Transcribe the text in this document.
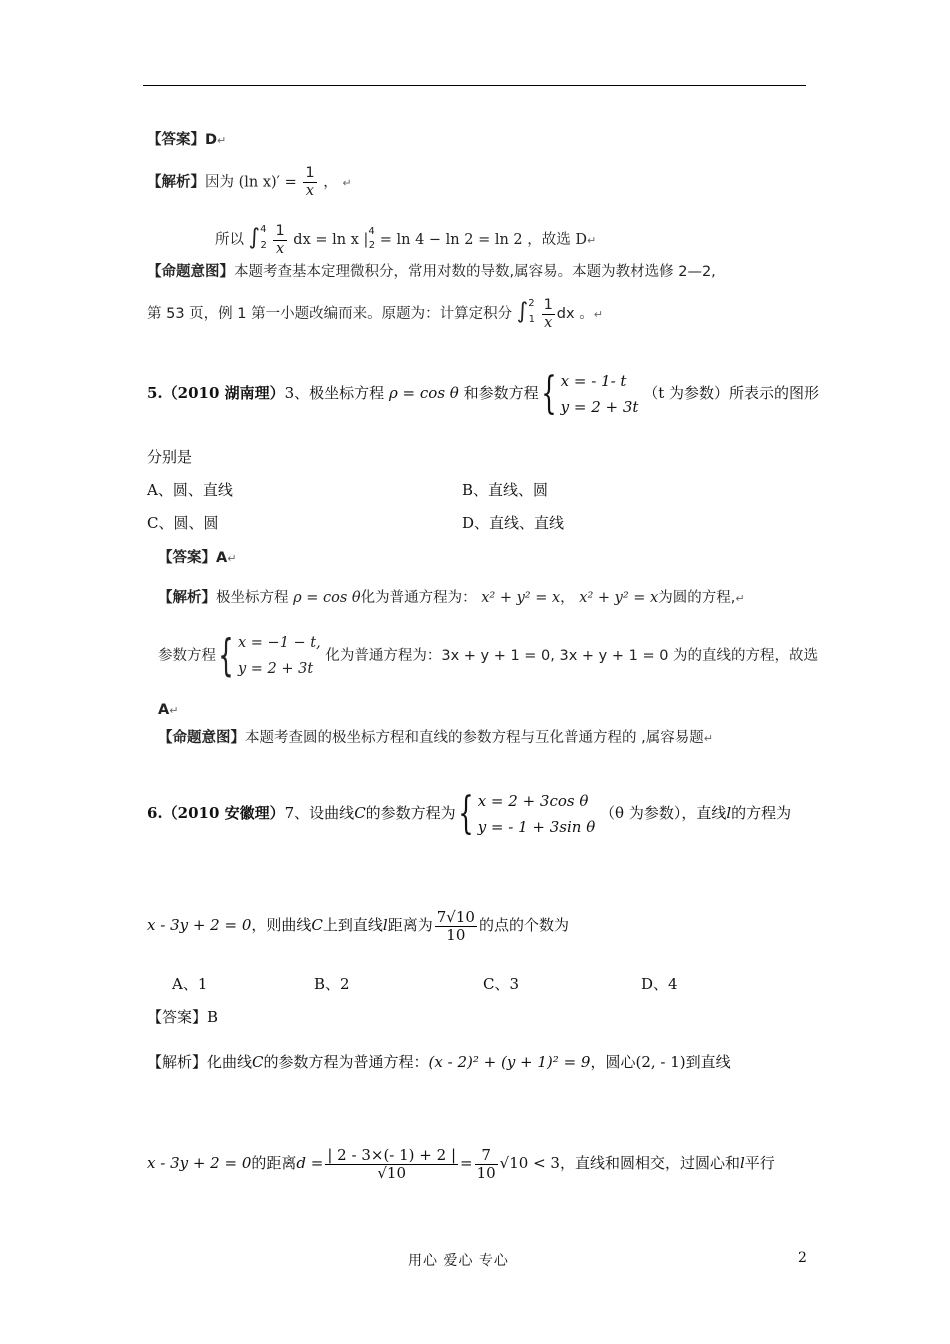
【答案】D↵
【解析】因为 (ln $x)' = \frac{1}{x}$ ， ↵
所以 $\int^4_2 \frac{1}{x}$ dx = ln x $|^4_2 = \ln 4 - \ln 2 = \ln 2$ ，故选 D↵
【命题意图】本题考查基本定理微积分，常用对数的导数,属容易。本题为教材选修 2—2,
第 53 页，例 1 第一小题改编而来。原题为：计算定积分 $\int^2_1 \frac{1}{x}$ dx 。↵
5.（2010 湖南理）3、极坐标方程 ρ = cos θ 和参数方程{ x = - 1- t
y = 2 + 3t
（t 为参数）所表示的图形
分别是
A、圆、直线	B、直线、圆
C、圆、圆	D、直线、直线
【答案】A↵
【解析】极坐标方程 ρ = cos θ化为普通方程为： x² + y² = x， x² + y² = x为圆的方程,↵
参数方程{ x = −1 − t,
y = 2 + 3t
化为普通方程为：3x + y + 1 = 0, 3x + y + 1 = 0 为的直线的方程，故选
A↵
【命题意图】本题考查圆的极坐标方程和直线的参数方程与互化普通方程的 ,属容易题↵
6.（2010 安徽理）7、设曲线C的参数方程为{ x = 2 + 3cos θ
y = - 1 + 3sin θ
（θ 为参数），直线l的方程为
x - 3y + 2 = 0，则曲线C上到直线l距离为 $\frac{7√10}{10}$ 的点的个数为
A、1	B、2	C、3	D、4
【答案】B
【解析】化曲线C的参数方程为普通方程：(x - 2)² + (y + 1)² = 9，圆心(2, - 1)到直线
x - 3y + 2 = 0的距离$d = \frac{| 2 - 3\times(- 1) + 2 |}{√10} = \frac{7}{10} √10 < 3$，直线和圆相交，过圆心和l平行
用心 爱心 专心	2
